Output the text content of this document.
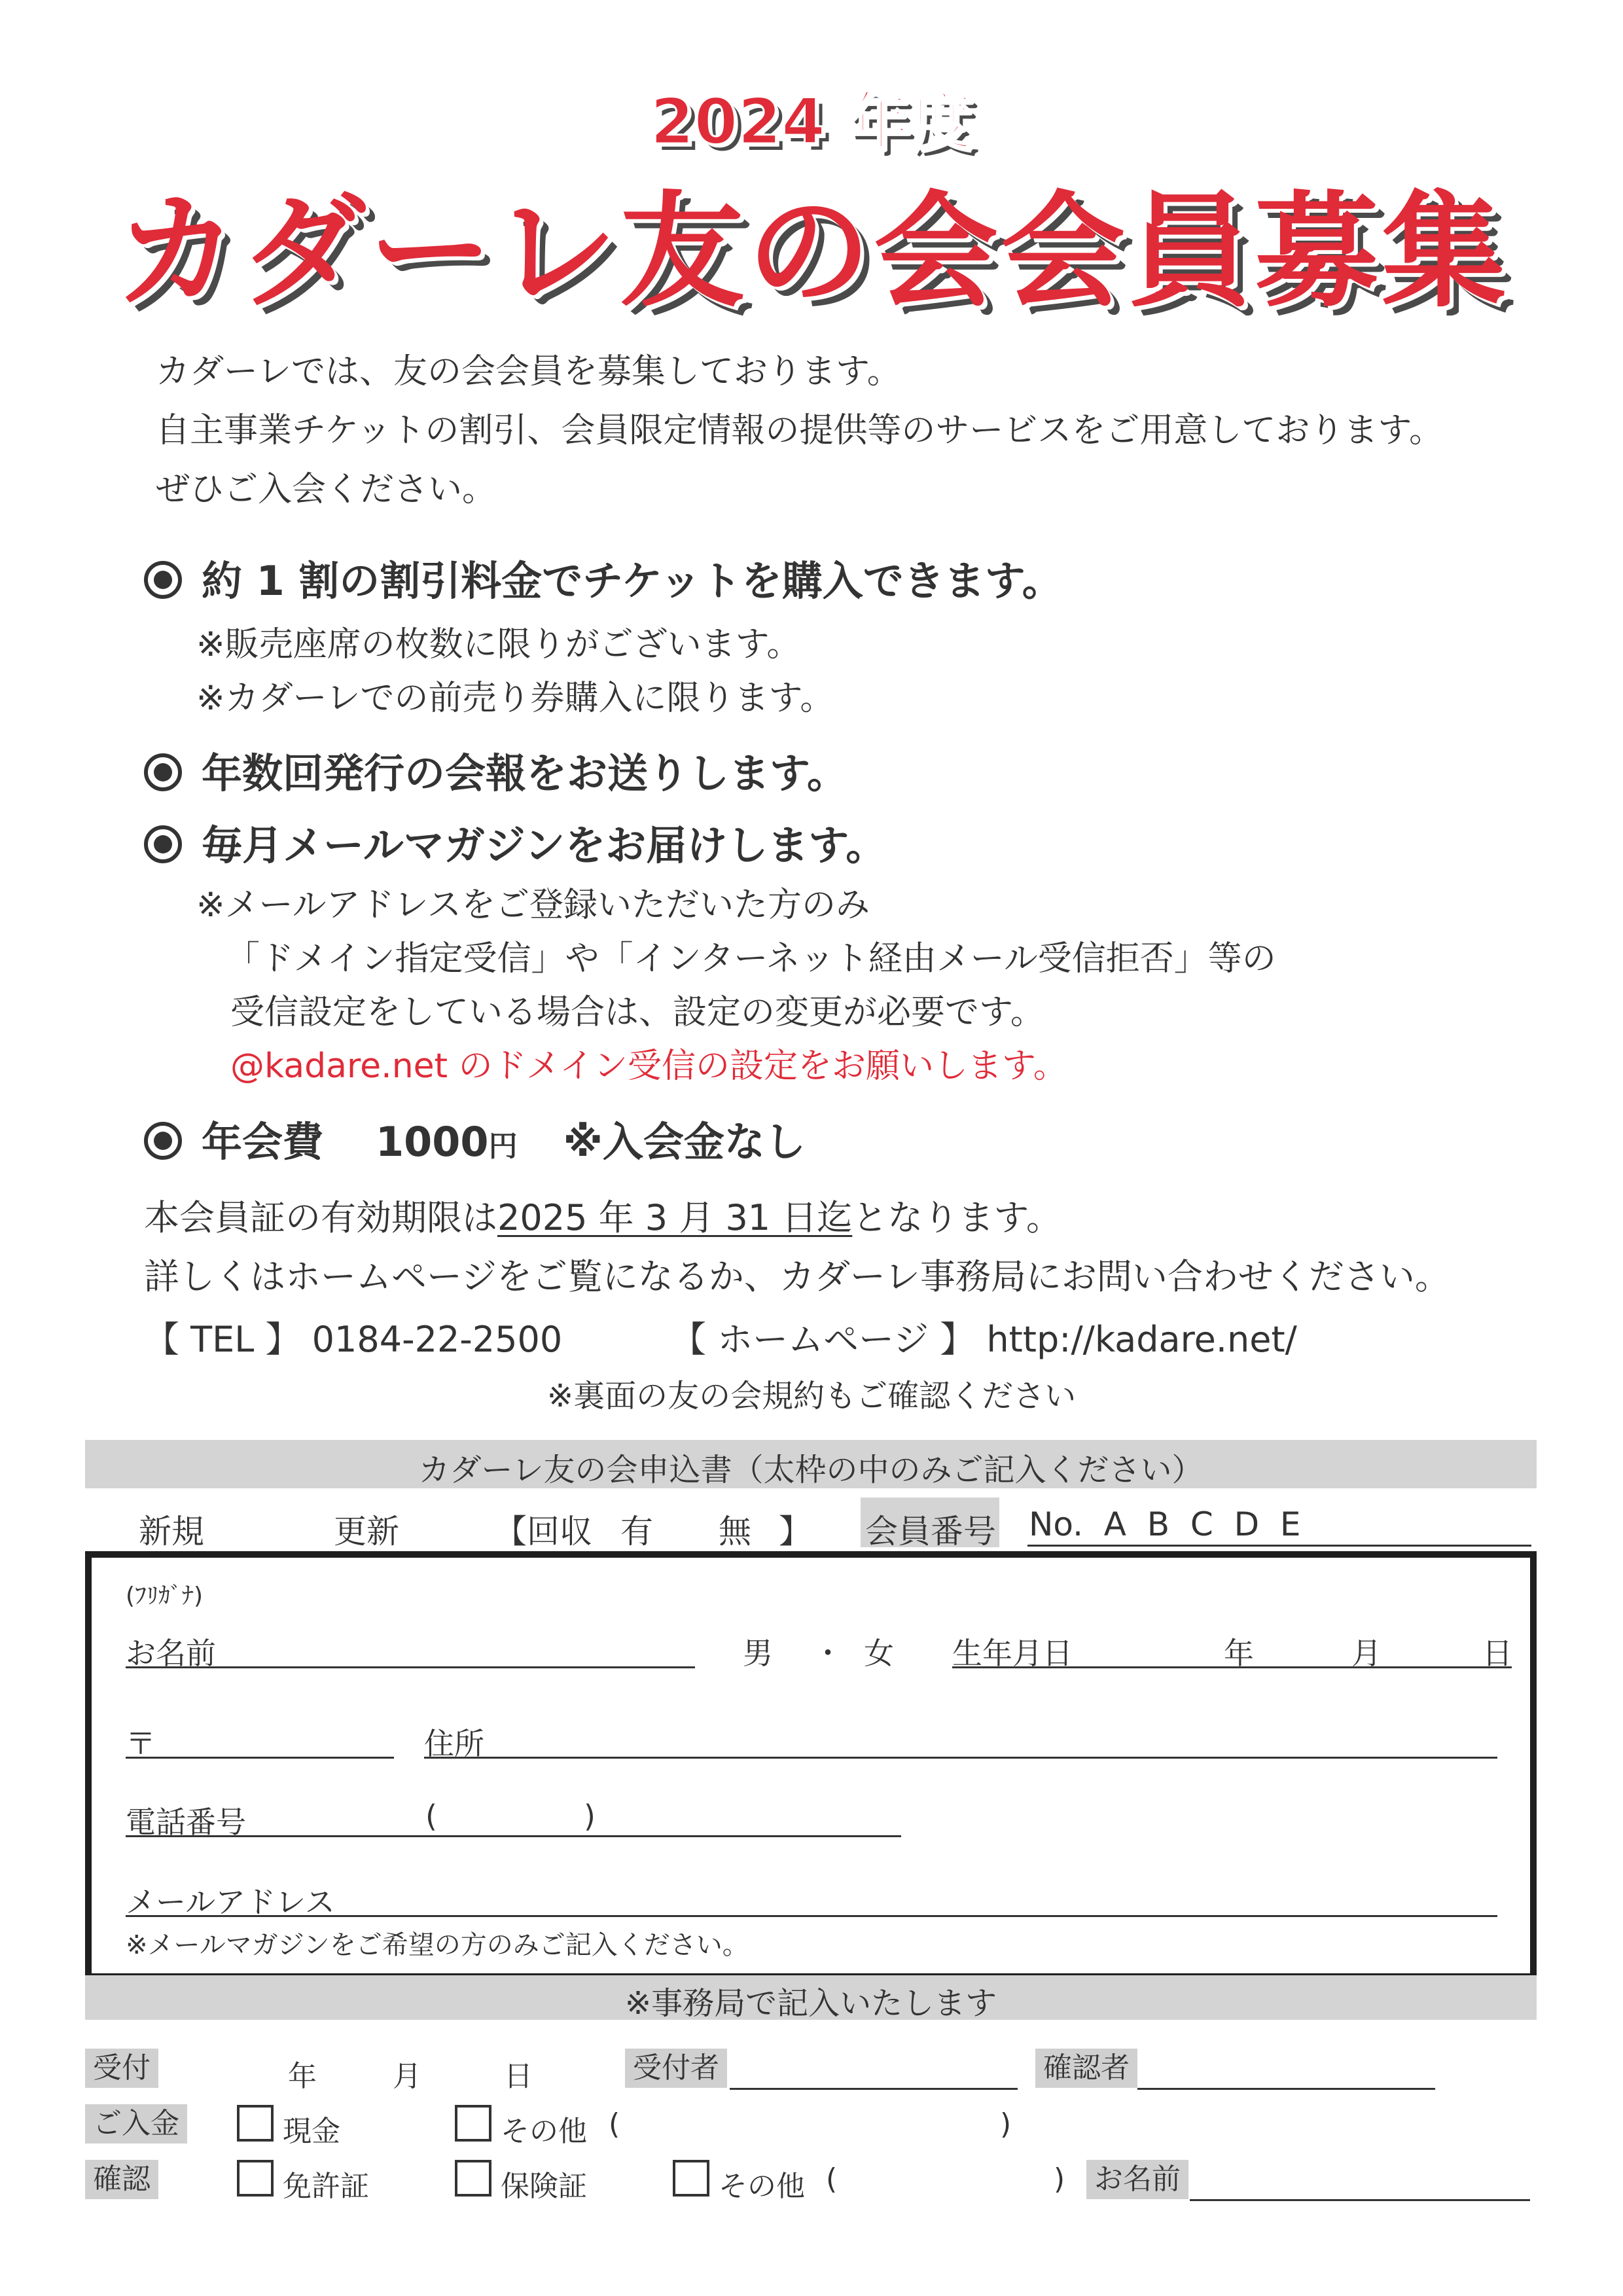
2024 年度
カダーレ友の会会員募集
カダーレでは、友の会会員を募集しております。
自主事業チケットの割引、会員限定情報の提供等のサービスをご用意しております。
ぜひご入会ください。
約 1 割の割引料金でチケットを購入できます。
※販売座席の枚数に限りがございます。
※カダーレでの前売り券購入に限ります。
年数回発行の会報をお送りします。
毎月メールマガジンをお届けします。
※メールアドレスをご登録いただいた方のみ
「ドメイン指定受信」や「インターネット経由メール受信拒否」等の
受信設定をしている場合は、設定の変更が必要です。
@kadare.net のドメイン受信の設定をお願いします。
年会費 1000円 ※入会金なし
本会員証の有効期限は2025 年 3 月 31 日迄となります。
詳しくはホームページをご覧になるか、カダーレ事務局にお問い合わせください。
【 TEL 】 0184-22-2500	【 ホームページ 】 http://kadare.net/
※裏面の友の会規約もご確認ください
カダーレ友の会申込書（太枠の中のみご記入ください）
新規	更新	【回収 有 無 】 会員番号 No.  A  B  C  D  E
(ﾌﾘｶﾞﾅ)
お名前	男 ・ 女 生年月日	年	月	日
〒	住所
電話番号	(	)
メールアドレス
※メールマガジンをご希望の方のみご記入ください。
※事務局で記入いたします
受付	年	月	日	受付者	確認者
ご入金	現金	その他 (	)
確認	免許証	保険証	その他 (	) お名前
